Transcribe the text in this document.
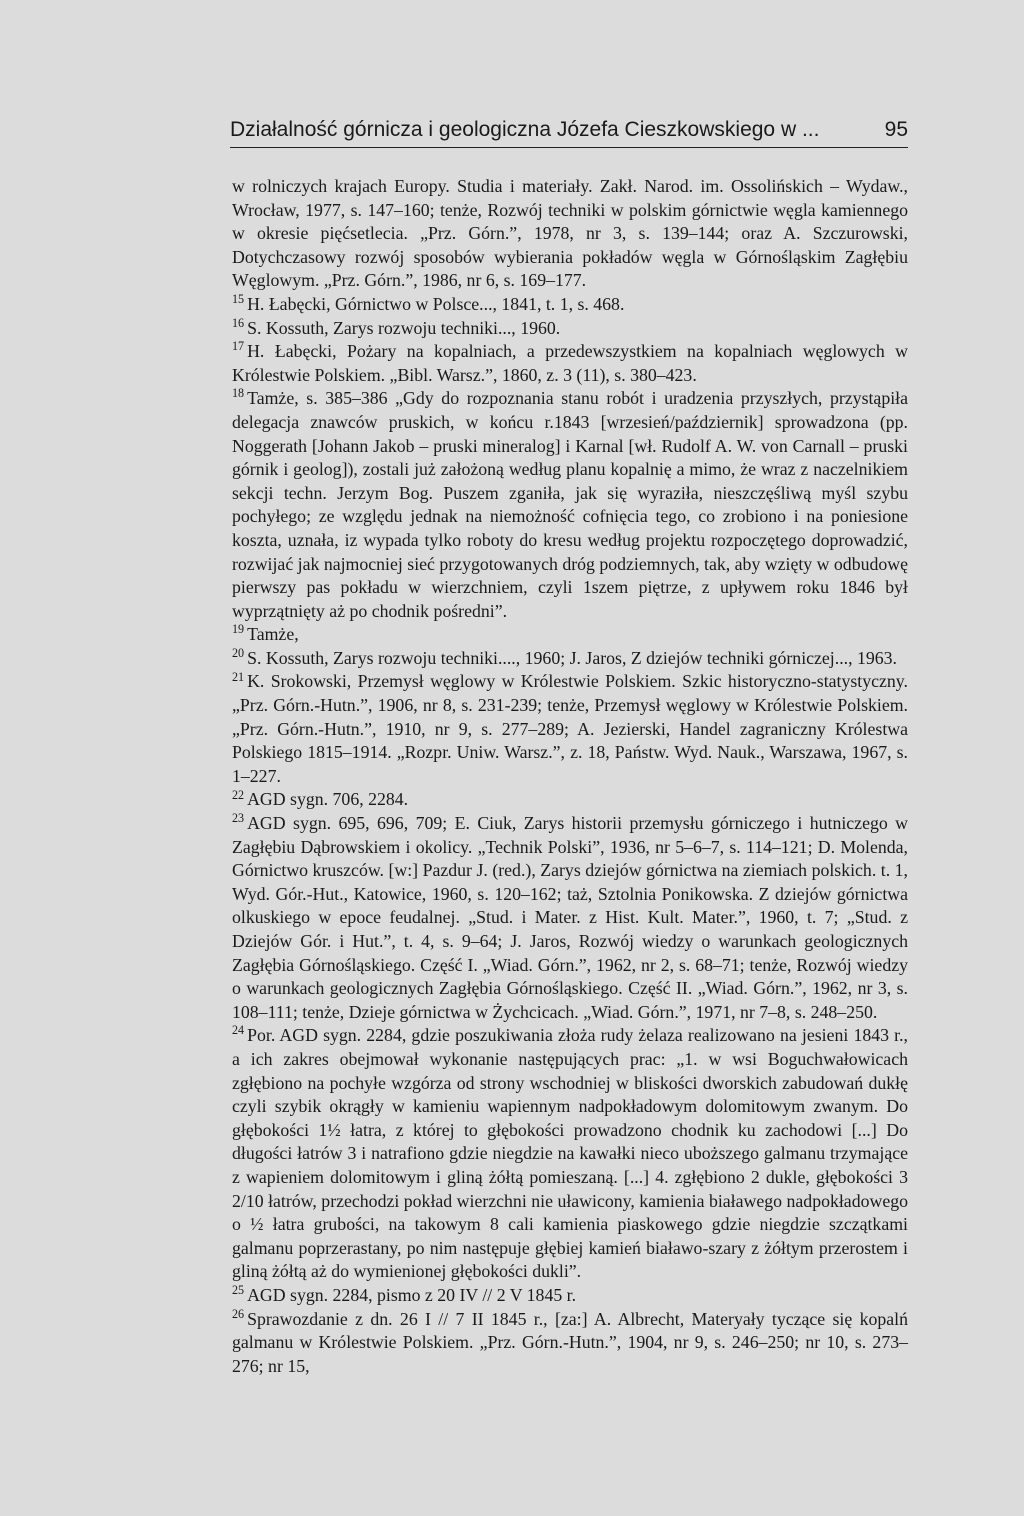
Działalność górnicza i geologiczna Józefa Cieszkowskiego w ...	95

w rolniczych krajach Europy. Studia i materiały. Zakł. Narod. im. Ossolińskich – Wydaw., Wrocław, 1977, s. 147–160; tenże, Rozwój techniki w polskim górnictwie węgla kamiennego w okresie pięćsetlecia. „Prz. Górn.”, 1978, nr 3, s. 139–144; oraz A. Szczurowski, Dotychczasowy rozwój sposobów wybierania pokładów węgla w Górnośląskim Zagłębiu Węglowym. „Prz. Górn.”, 1986, nr 6, s. 169–177.

$^{15}$ H. Łabęcki, Górnictwo w Polsce..., 1841, t. 1, s. 468.

$^{16}$ S. Kossuth, Zarys rozwoju techniki..., 1960.

$^{17}$ H. Łabęcki, Pożary na kopalniach, a przedewszystkiem na kopalniach węglowych w Królestwie Polskiem. „Bibl. Warsz.”, 1860, z. 3 (11), s. 380–423.

$^{18}$ Tamże, s. 385–386 „Gdy do rozpoznania stanu robót i uradzenia przyszłych, przystąpiła delegacja znawców pruskich, w końcu r.1843 [wrzesień/październik] sprowadzona (pp. Noggerath [Johann Jakob – pruski mineralog] i Karnal [wł. Rudolf A. W. von Carnall – pruski górnik i geolog]), zostali już założoną według planu kopalnię a mimo, że wraz z naczelnikiem sekcji techn. Jerzym Bog. Puszem zganiła, jak się wyraziła, nieszczęśliwą myśl szybu pochyłego; ze względu jednak na niemożność cofnięcia tego, co zrobiono i na poniesione koszta, uznała, iz wypada tylko roboty do kresu według projektu rozpoczętego doprowadzić, rozwijać jak najmocniej sieć przygotowanych dróg podziemnych, tak, aby wzięty w odbudowę pierwszy pas pokładu w wierzchniem, czyli 1szem piętrze, z upływem roku 1846 był wyprzątnięty aż po chodnik pośredni”.

$^{19}$ Tamże,

$^{20}$ S. Kossuth, Zarys rozwoju techniki...., 1960; J. Jaros, Z dziejów techniki górniczej..., 1963.

$^{21}$ K. Srokowski, Przemysł węglowy w Królestwie Polskiem. Szkic historyczno-statystyczny. „Prz. Górn.-Hutn.”, 1906, nr 8, s. 231-239; tenże, Przemysł węglowy w Królestwie Polskiem. „Prz. Górn.-Hutn.”, 1910, nr 9, s. 277–289; A. Jezierski, Handel zagraniczny Królestwa Polskiego 1815–1914. „Rozpr. Uniw. Warsz.”, z. 18, Państw. Wyd. Nauk., Warszawa, 1967, s. 1–227.

$^{22}$ AGD sygn. 706, 2284.

$^{23}$ AGD sygn. 695, 696, 709; E. Ciuk, Zarys historii przemysłu górniczego i hutniczego w Zagłębiu Dąbrowskiem i okolicy. „Technik Polski”, 1936, nr 5–6–7, s. 114–121; D. Molenda, Górnictwo kruszców. [w:] Pazdur J. (red.), Zarys dziejów górnictwa na ziemiach polskich. t. 1, Wyd. Gór.-Hut., Katowice, 1960, s. 120–162; taż, Sztolnia Ponikowska. Z dziejów górnictwa olkuskiego w epoce feudalnej. „Stud. i Mater. z Hist. Kult. Mater.”, 1960, t. 7; „Stud. z Dziejów Gór. i Hut.”, t. 4, s. 9–64; J. Jaros, Rozwój wiedzy o warunkach geologicznych Zagłębia Górnośląskiego. Część I. „Wiad. Górn.”, 1962, nr 2, s. 68–71; tenże, Rozwój wiedzy o warunkach geologicznych Zagłębia Górnośląskiego. Część II. „Wiad. Górn.”, 1962, nr 3, s. 108–111; tenże, Dzieje górnictwa w Żychcicach. „Wiad. Górn.”, 1971, nr 7–8, s. 248–250.

$^{24}$ Por. AGD sygn. 2284, gdzie poszukiwania złoża rudy żelaza realizowano na jesieni 1843 r., a ich zakres obejmował wykonanie następujących prac: „1. w wsi Boguchwałowicach zgłębiono na pochyłe wzgórza od strony wschodniej w bliskości dworskich zabudowań dukłę czyli szybik okrągły w kamieniu wapiennym nadpokładowym dolomitowym zwanym. Do głębokości 1½ łatra, z której to głębokości prowadzono chodnik ku zachodowi [...] Do długości łatrów 3 i natrafiono gdzie niegdzie na kawałki nieco uboższego galmanu trzymające z wapieniem dolomitowym i gliną żółtą pomieszaną. [...] 4. zgłębiono 2 dukle, głębokości 3 2/10 łatrów, przechodzi pokład wierzchni nie uławicony, kamienia białawego nadpokładowego o ½ łatra grubości, na takowym 8 cali kamienia piaskowego gdzie niegdzie szczątkami galmanu poprzerastany, po nim następuje głębiej kamień białawo-szary z żółtym przerostem i gliną żółtą aż do wymienionej głębokości dukli”.

$^{25}$ AGD sygn. 2284, pismo z 20 IV // 2 V 1845 r.

$^{26}$ Sprawozdanie z dn. 26 I // 7 II 1845 r., [za:] A. Albrecht, Materyały tyczące się kopalń galmanu w Królestwie Polskiem. „Prz. Górn.-Hutn.”, 1904, nr 9, s. 246–250; nr 10, s. 273–276; nr 15,
